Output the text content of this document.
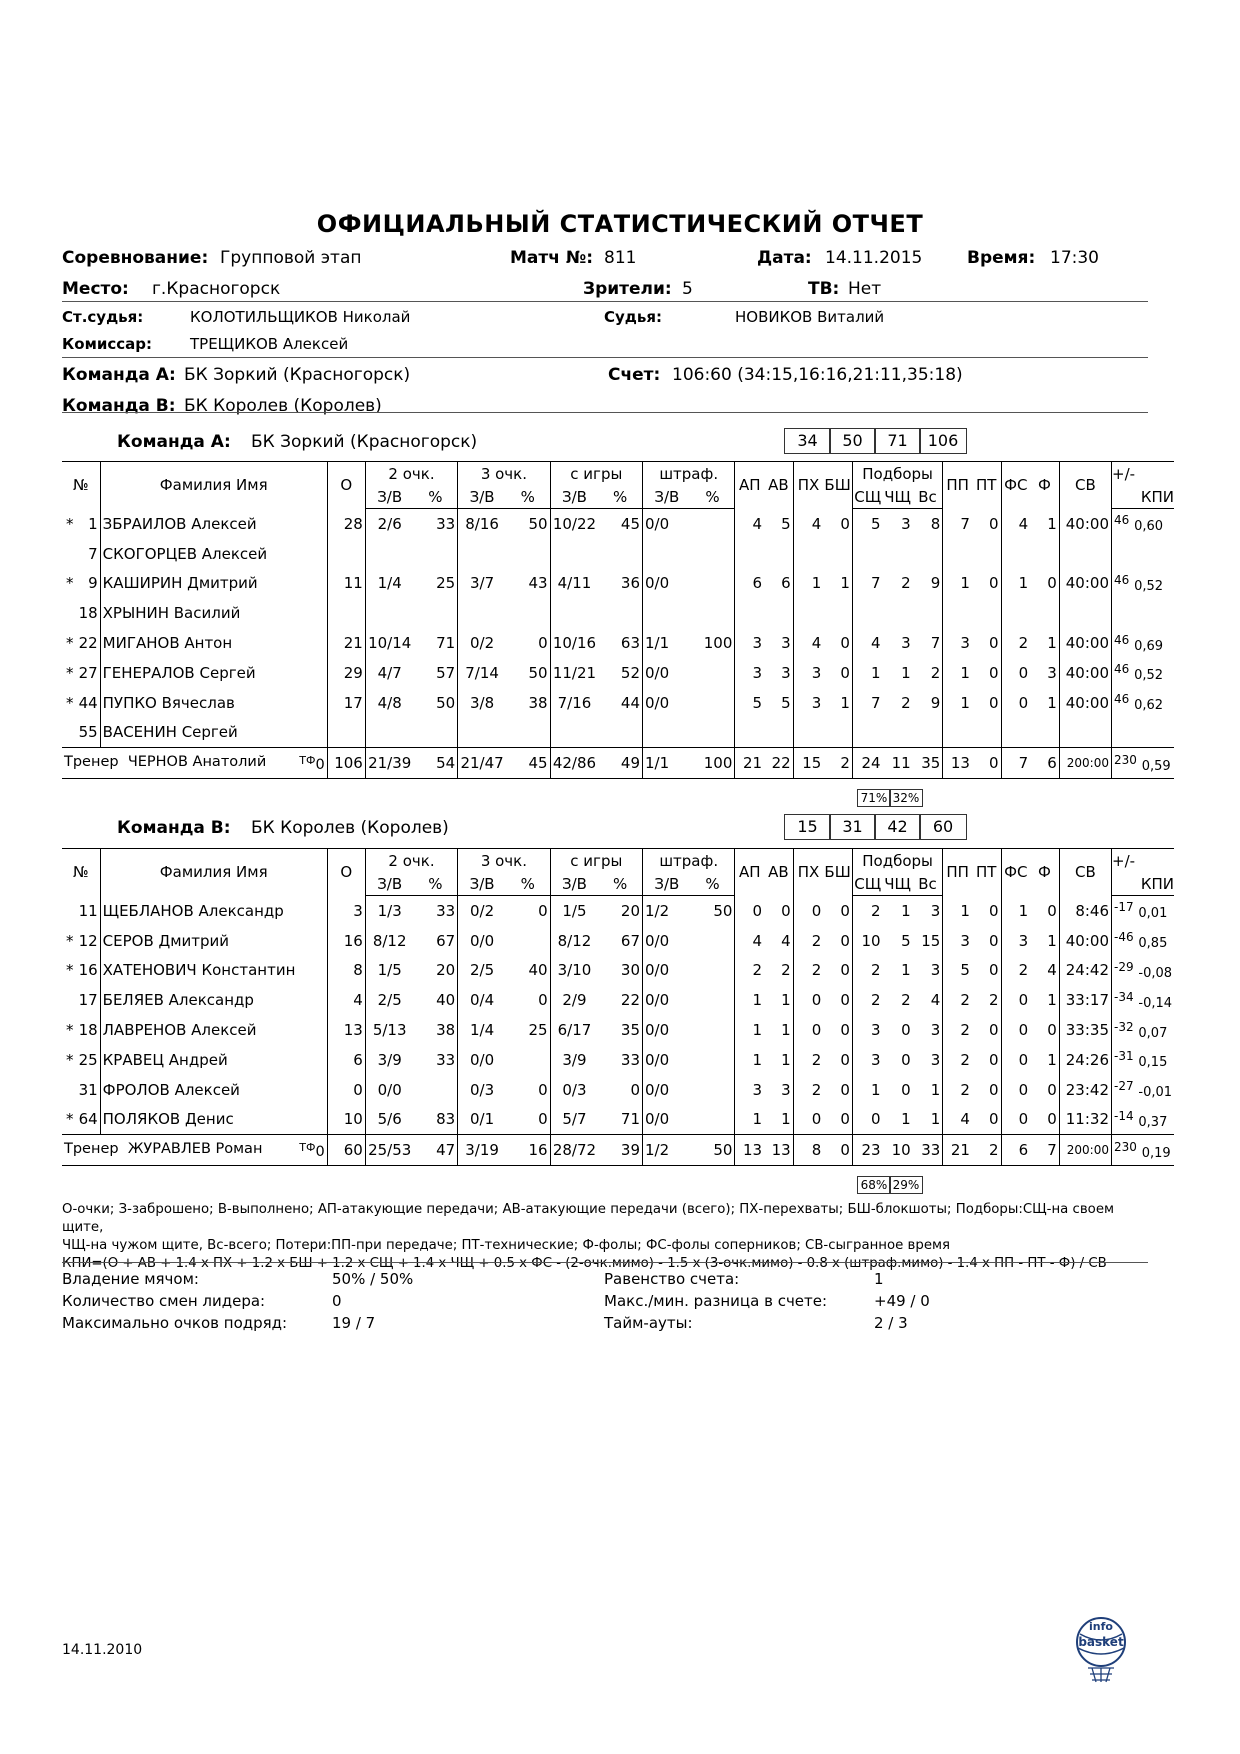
ОФИЦИАЛЬНЫЙ СТАТИСТИЧЕСКИЙ ОТЧЕТ
Соревнование: Групповой этап	Матч №: 811	Дата: 14.11.2015	Время: 17:30
Место: г.Красногорск	Зрители: 5	ТВ: Нет
Ст.судья:	КОЛОТИЛЬЩИКОВ Николай	Судья:	НОВИКОВ Виталий
Комиссар:	ТРЕЩИКОВ Алексей
Команда А: БК Зоркий (Красногорск)	Счет: 106:60 (34:15,16:16,21:11,35:18)
Команда В: БК Королев (Королев)
Команда А: БК Зоркий (Красногорск)	34	50	71	106
№	Фамилия Имя	О	2 очк.		3 очк.		с игры		штраф.		АП	АВ	ПХ	БШ	Подборы			ПП	ПТ	ФС	Ф	СВ	+/-
			З/В	%	З/В	%	З/В	%	З/В	%					СЩ	ЧЩ	Вс						КПИ

* 1	ЗБРАИЛОВ Алексей	28	2/6	33	8/16	50	10/22	45	0/0		4	5	4	0	5	3	8	7	0	4	1	40:00	$^{46}$ 0,60

7	СКОГОРЦЕВ Алексей																						

* 9	КАШИРИН Дмитрий	11	1/4	25	3/7	43	4/11	36	0/0		6	6	1	1	7	2	9	1	0	1	0	40:00	$^{46}$ 0,52

18	ХРЫНИН Василий																						

* 22	МИГАНОВ Антон	21	10/14	71	0/2	0	10/16	63	1/1	100	3	3	4	0	4	3	7	3	0	2	1	40:00	$^{46}$ 0,69

* 27	ГЕНЕРАЛОВ Сергей	29	4/7	57	7/14	50	11/21	52	0/0		3	3	3	0	1	1	2	1	0	0	3	40:00	$^{46}$ 0,52

* 44	ПУПКО Вячеслав	17	4/8	50	3/8	38	7/16	44	0/0		5	5	3	1	7	2	9	1	0	0	1	40:00	$^{46}$ 0,62

55	ВАСЕНИН Сергей																						
Тренер ЧЕРНОВ Анатолий $^{ТФ}$0		106	21/39	54	21/47	45	42/86	49	1/1	100	21	22	15	2	24	11	35	13	0	7	6	200:00	$^{230}$ 0,59
71% 32%
Команда В: БК Королев (Королев)	15	31	42	60
№	Фамилия Имя	О	2 очк.		3 очк.		с игры		штраф.		АП	АВ	ПХ	БШ	Подборы			ПП	ПТ	ФС	Ф	СВ	+/-
			З/В	%	З/В	%	З/В	%	З/В	%					СЩ	ЧЩ	Вс						КПИ

11	ЩЕБЛАНОВ Александр	3	1/3	33	0/2	0	1/5	20	1/2	50	0	0	0	0	2	1	3	1	0	1	0	8:46	$^{-17}$ 0,01

* 12	СЕРОВ Дмитрий	16	8/12	67	0/0		8/12	67	0/0		4	4	2	0	10	5	15	3	0	3	1	40:00	$^{-46}$ 0,85

* 16	ХАТЕНОВИЧ Константин	8	1/5	20	2/5	40	3/10	30	0/0		2	2	2	0	2	1	3	5	0	2	4	24:42	$^{-29}$ -0,08

17	БЕЛЯЕВ Александр	4	2/5	40	0/4	0	2/9	22	0/0		1	1	0	0	2	2	4	2	2	0	1	33:17	$^{-34}$ -0,14

* 18	ЛАВРЕНОВ Алексей	13	5/13	38	1/4	25	6/17	35	0/0		1	1	0	0	3	0	3	2	0	0	0	33:35	$^{-32}$ 0,07

* 25	КРАВЕЦ Андрей	6	3/9	33	0/0		3/9	33	0/0		1	1	2	0	3	0	3	2	0	0	1	24:26	$^{-31}$ 0,15

31	ФРОЛОВ Алексей	0	0/0		0/3	0	0/3	0	0/0		3	3	2	0	1	0	1	2	0	0	0	23:42	$^{-27}$ -0,01

* 64	ПОЛЯКОВ Денис	10	5/6	83	0/1	0	5/7	71	0/0		1	1	0	0	0	1	1	4	0	0	0	11:32	$^{-14}$ 0,37
Тренер ЖУРАВЛЕВ Роман $^{ТФ}$0		60	25/53	47	3/19	16	28/72	39	1/2	50	13	13	8	0	23	10	33	21	2	6	7	200:00	$^{230}$ 0,19
68% 29%
О-очки; З-заброшено; В-выполнено; АП-атакующие передачи; АВ-атакующие передачи (всего); ПХ-перехваты; БШ-блокшоты; Подборы:СЩ-на своем щите,
ЧЩ-на чужом щите, Вс-всего; Потери:ПП-при передаче; ПТ-технические; Ф-фолы; ФС-фолы соперников; СВ-сыгранное время
КПИ=(О + АВ + 1.4 x ПХ + 1.2 x БШ + 1.2 x СЩ + 1.4 x ЧЩ + 0.5 x ФС - (2-очк.мимо) - 1.5 x (3-очк.мимо) - 0.8 x (штраф.мимо) - 1.4 x ПП - ПТ - Ф) / СВ
Владение мячом:	50% / 50%
Количество смен лидера:	0
Максимально очков подряд:	19 / 7
Равенство счета:	1
Макс./мин. разница в счете:	+49 / 0
Тайм-ауты:	2 / 3
14.11.2010
info
basket
